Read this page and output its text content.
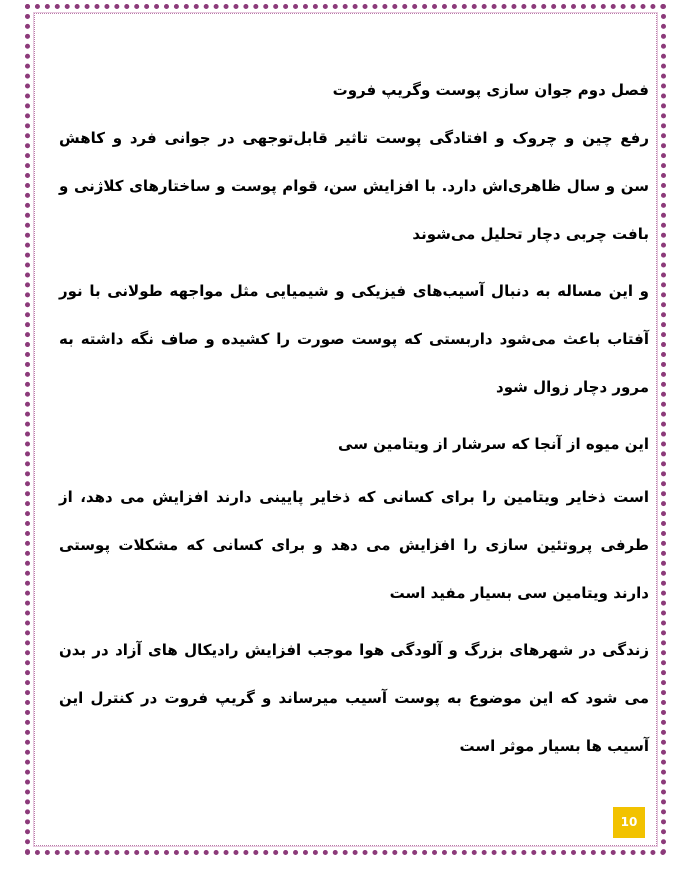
فصل دوم جوان سازی پوست وگریپ فروت
رفع چین و چروک و افتادگی پوست تاثیر قابل‌توجهی در جوانی فرد و کاهش سن و سال ظاهری‌اش دارد. با افزایش سن، قوام پوست و ساختارهای کلاژنی و بافت چربی دچار تحلیل می‌شوند
و این مساله به دنبال آسیب‌های فیزیکی و شیمیایی مثل مواجهه طولانی با نور آفتاب باعث می‌شود داربستی که پوست صورت را کشیده و صاف نگه داشته به مرور دچار زوال شود
این میوه از آنجا که سرشار از ویتامین سی
است ذخایر ویتامین را برای کسانی که ذخایر پایینی دارند افزایش می دهد، از طرفی پروتئین سازی را افزایش می دهد و برای کسانی که مشکلات پوستی دارند ویتامین سی بسیار مفید است
زندگی در شهرهای بزرگ و آلودگی هوا موجب افزایش رادیکال های آزاد در بدن می شود که این موضوع به پوست آسیب میرساند و گریپ فروت در کنترل این آسیب ها بسیار موثر است
10
